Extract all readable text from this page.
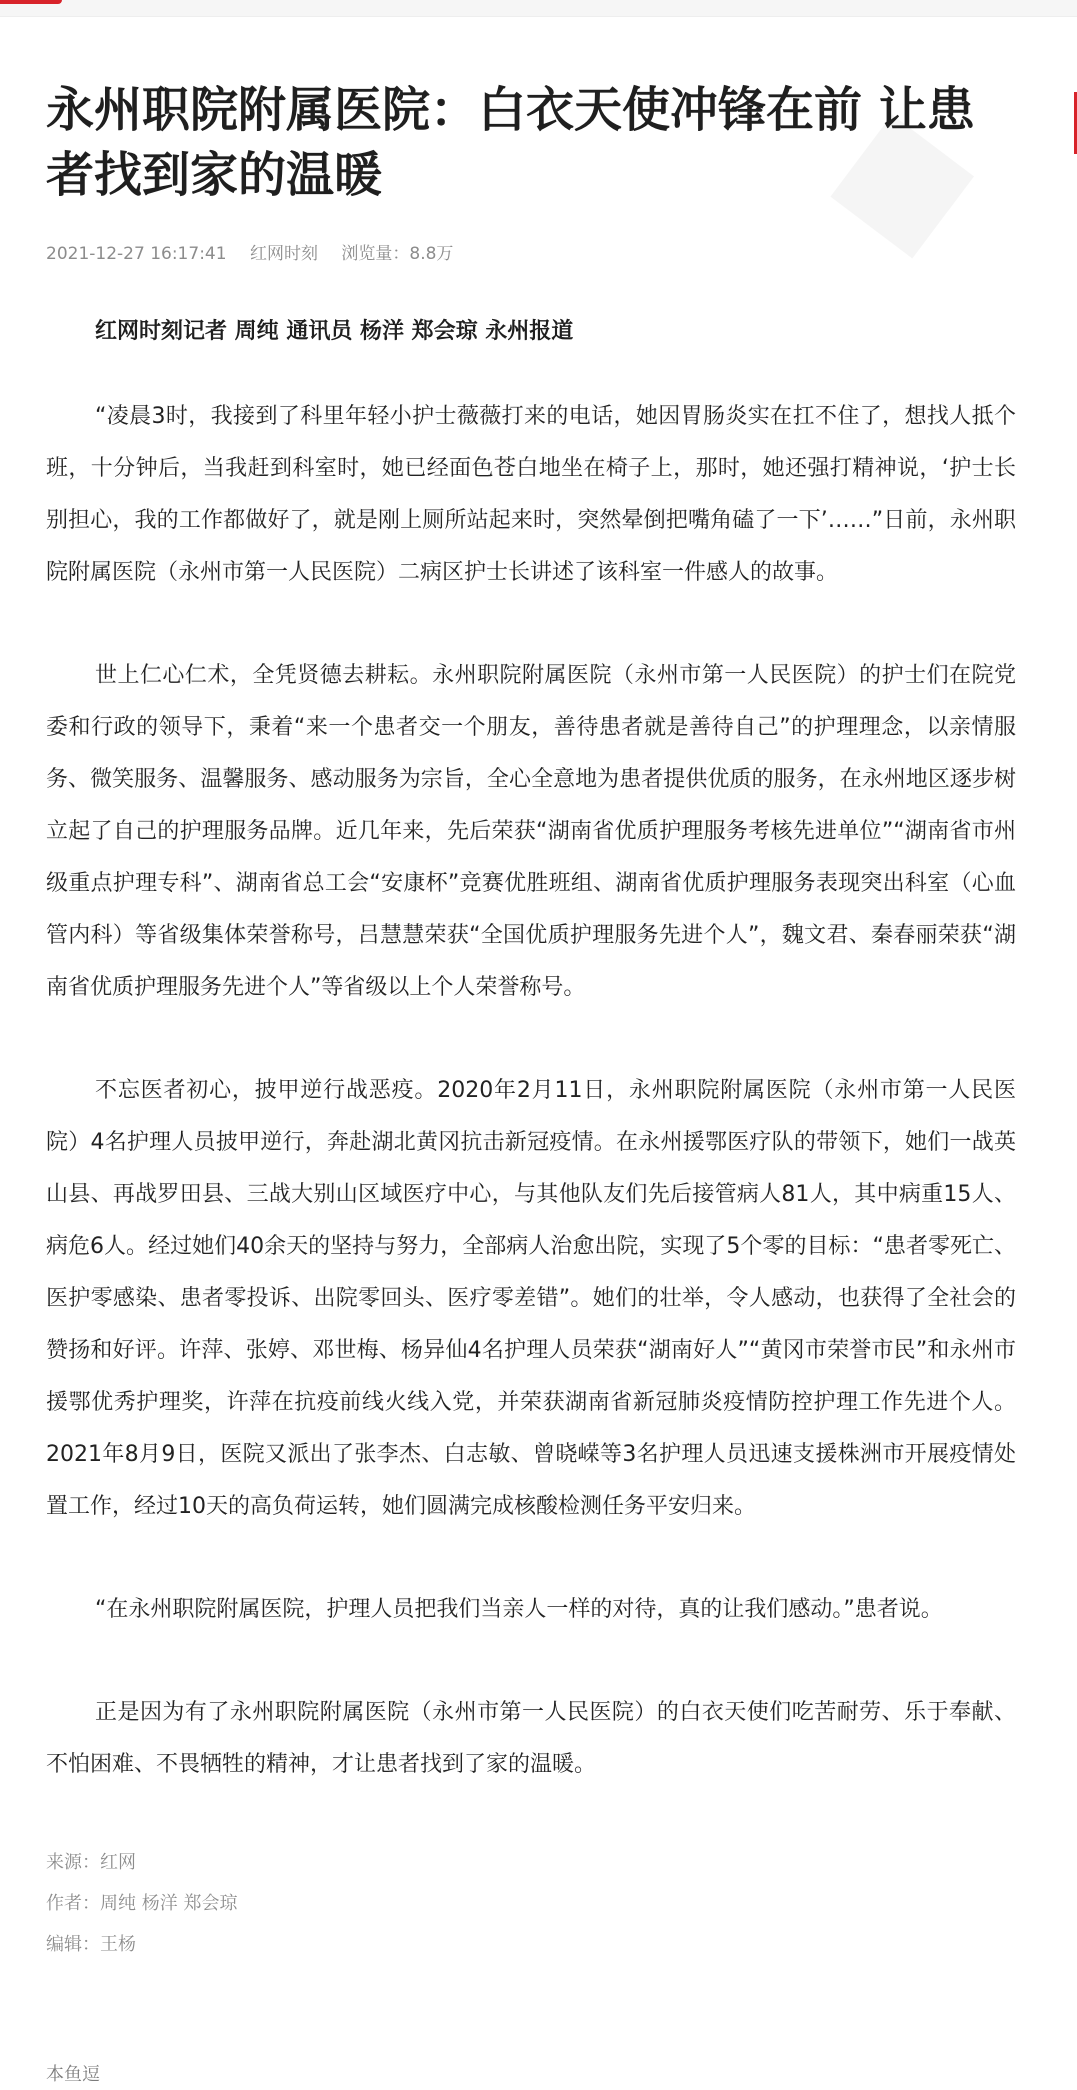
◆
永州职院附属医院：白衣天使冲锋在前 让患者找到家的温暖
2021-12-27 16:17:41 红网时刻 浏览量：8.8万
红网时刻记者 周纯 通讯员 杨洋 郑会琼 永州报道

“凌晨3时，我接到了科里年轻小护士薇薇打来的电话，她因胃肠炎实在扛不住了，想找人抵个班，十分钟后，当我赶到科室时，她已经面色苍白地坐在椅子上，那时，她还强打精神说，‘护士长别担心，我的工作都做好了，就是刚上厕所站起来时，突然晕倒把嘴角磕了一下’……”日前，永州职院附属医院（永州市第一人民医院）二病区护士长讲述了该科室一件感人的故事。

世上仁心仁术，全凭贤德去耕耘。永州职院附属医院（永州市第一人民医院）的护士们在院党委和行政的领导下，秉着“来一个患者交一个朋友，善待患者就是善待自己”的护理理念，以亲情服务、微笑服务、温馨服务、感动服务为宗旨，全心全意地为患者提供优质的服务，在永州地区逐步树立起了自己的护理服务品牌。近几年来，先后荣获“湖南省优质护理服务考核先进单位”“湖南省市州级重点护理专科”、湖南省总工会“安康杯”竞赛优胜班组、湖南省优质护理服务表现突出科室（心血管内科）等省级集体荣誉称号，吕慧慧荣获“全国优质护理服务先进个人”，魏文君、秦春丽荣获“湖南省优质护理服务先进个人”等省级以上个人荣誉称号。

不忘医者初心，披甲逆行战恶疫。2020年2月11日，永州职院附属医院（永州市第一人民医院）4名护理人员披甲逆行，奔赴湖北黄冈抗击新冠疫情。在永州援鄂医疗队的带领下，她们一战英山县、再战罗田县、三战大别山区域医疗中心，与其他队友们先后接管病人81人，其中病重15人、病危6人。经过她们40余天的坚持与努力，全部病人治愈出院，实现了5个零的目标：“患者零死亡、医护零感染、患者零投诉、出院零回头、医疗零差错”。她们的壮举，令人感动，也获得了全社会的赞扬和好评。许萍、张婷、邓世梅、杨异仙4名护理人员荣获“湖南好人”“黄冈市荣誉市民”和永州市援鄂优秀护理奖，许萍在抗疫前线火线入党，并荣获湖南省新冠肺炎疫情防控护理工作先进个人。2021年8月9日，医院又派出了张李杰、白志敏、曾晓嵘等3名护理人员迅速支援株洲市开展疫情处置工作，经过10天的高负荷运转，她们圆满完成核酸检测任务平安归来。

“在永州职院附属医院，护理人员把我们当亲人一样的对待，真的让我们感动。”患者说。

正是因为有了永州职院附属医院（永州市第一人民医院）的白衣天使们吃苦耐劳、乐于奉献、不怕困难、不畏牺牲的精神，才让患者找到了家的温暖。

来源：红网
作者：周纯 杨洋 郑会琼
编辑：王杨
本鱼逗
